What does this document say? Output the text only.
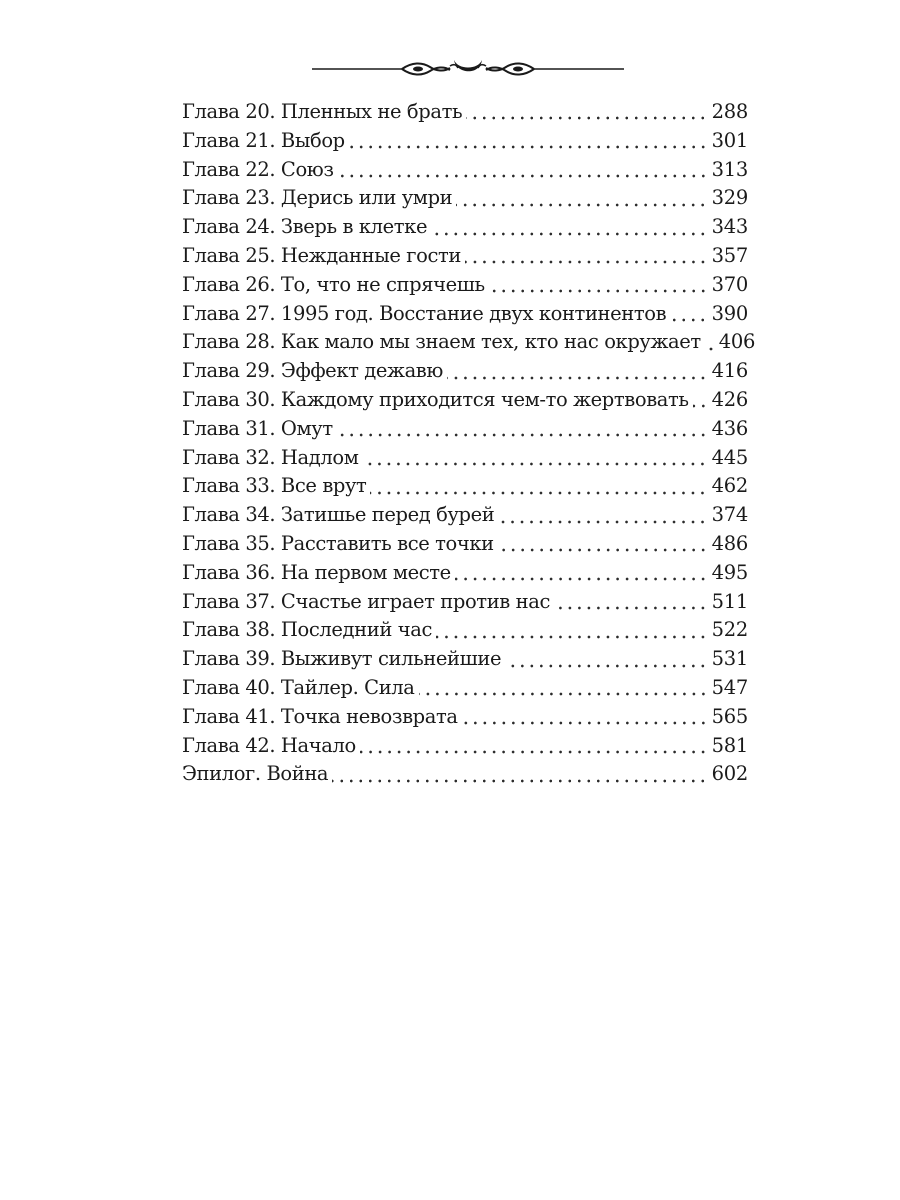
Глава 20. Пленных не брать	288
Глава 21. Выбор	301
Глава 22. Союз	313
Глава 23. Дерись или умри	329
Глава 24. Зверь в клетке	343
Глава 25. Нежданные гости	357
Глава 26. То, что не спрячешь	370
Глава 27. 1995 год. Восстание двух континентов 390
Глава 28. Как мало мы знаем тех, кто нас окружает 406
Глава 29. Эффект дежавю	416
Глава 30. Каждому приходится чем-то жертвовать 426
Глава 31. Омут	436
Глава 32. Надлом	445
Глава 33. Все врут	462
Глава 34. Затишье перед бурей	374
Глава 35. Расставить все точки	486
Глава 36. На первом месте	495
Глава 37. Счастье играет против нас	511
Глава 38. Последний час	522
Глава 39. Выживут сильнейшие	531
Глава 40. Тайлер. Сила	547
Глава 41. Точка невозврата	565
Глава 42. Начало	581
Эпилог. Война	602
